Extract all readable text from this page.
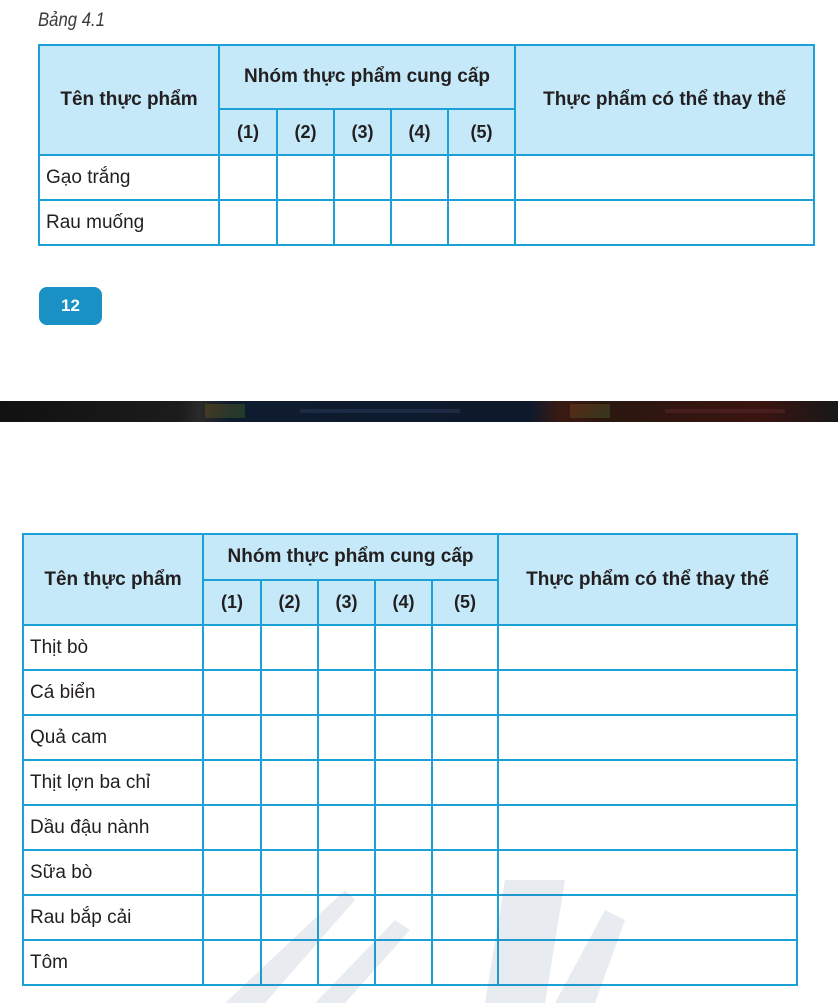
Bảng 4.1
Tên thực phẩm	Nhóm thực phẩm cung cấp					Thực phẩm có thể thay thế
	(1)	(2)	(3)	(4)	(5)	
Gạo trắng						
Rau muống						
12
Tên thực phẩm	Nhóm thực phẩm cung cấp					Thực phẩm có thể thay thế
	(1)	(2)	(3)	(4)	(5)	
Thịt bò						
Cá biển						
Quả cam						
Thịt lợn ba chỉ						
Dầu đậu nành						
Sữa bò						
Rau bắp cải						
Tôm						
